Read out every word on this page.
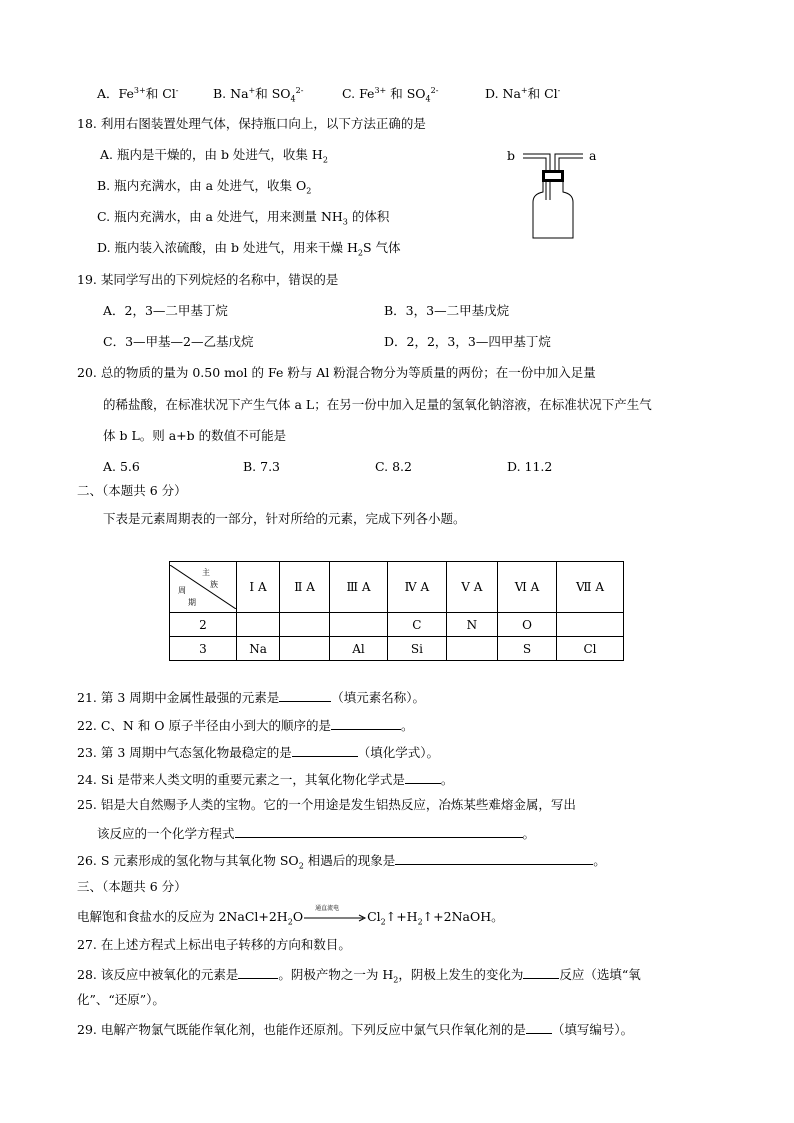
A．$Fe^{3+}$和 Cl-	B. Na+和 $SO_4^{2-}$	C. $Fe^{3+}$ 和 $SO_4^{2-}$	D. Na+和 Cl-
18. 利用右图装置处理气体，保持瓶口向上，以下方法正确的是
A. 瓶内是干燥的，由 b 处进气，收集 $H_2$
B. 瓶内充满水，由 a 处进气，收集 $O_2$
C. 瓶内充满水，由 a 处进气，用来测量 $NH_3$ 的体积
D. 瓶内装入浓硫酸，由 b 处进气，用来干燥 $H_2S$ 气体
b	a
19. 某同学写出的下列烷烃的名称中，错误的是
A．2，3—二甲基丁烷	B．3，3—二甲基戊烷
C．3—甲基—2—乙基戊烷	D．2，2，3，3—四甲基丁烷
20. 总的物质的量为 0.50 mol 的 Fe 粉与 Al 粉混合物分为等质量的两份；在一份中加入足量
的稀盐酸，在标准状况下产生气体 a L；在另一份中加入足量的氢氧化钠溶液，在标准状况下产生气
体 b L。则 a+b 的数值不可能是
A. 5.6	B. 7.3	C. 8.2	D. 11.2
二、（本题共 6 分）
下表是元素周期表的一部分，针对所给的元素，完成下列各小题。
主
族
周
期	Ⅰ A	Ⅱ A	Ⅲ A	Ⅳ A	Ⅴ A	Ⅵ A	Ⅶ A
2				C	N	O	
3	Na		Al	Si		S	Cl
21. 第 3 周期中金属性最强的元素是	（填元素名称）。
22. C、N 和 O 原子半径由小到大的顺序的是	。
23. 第 3 周期中气态氢化物最稳定的是	（填化学式）。
24. Si 是带来人类文明的重要元素之一，其氧化物化学式是	。
25. 铝是大自然赐予人类的宝物。它的一个用途是发生铝热反应，冶炼某些难熔金属，写出
该反应的一个化学方程式	。
26. S 元素形成的氢化物与其氧化物 $SO_2$ 相遇后的现象是	。
三、（本题共 6 分）
电解饱和食盐水的反应为 $2NaCl+2H_2O$
通直流电
$Cl_2↑+H_2↑+2NaOH$。
27. 在上述方程式上标出电子转移的方向和数目。
28. 该反应中被氧化的元素是	。阴极产物之一为 $H_2$，阴极上发生的变化为	反应（选填“氧
化”、“还原”）。
29. 电解产物氯气既能作氧化剂，也能作还原剂。下列反应中氯气只作氧化剂的是 （填写编号）。
